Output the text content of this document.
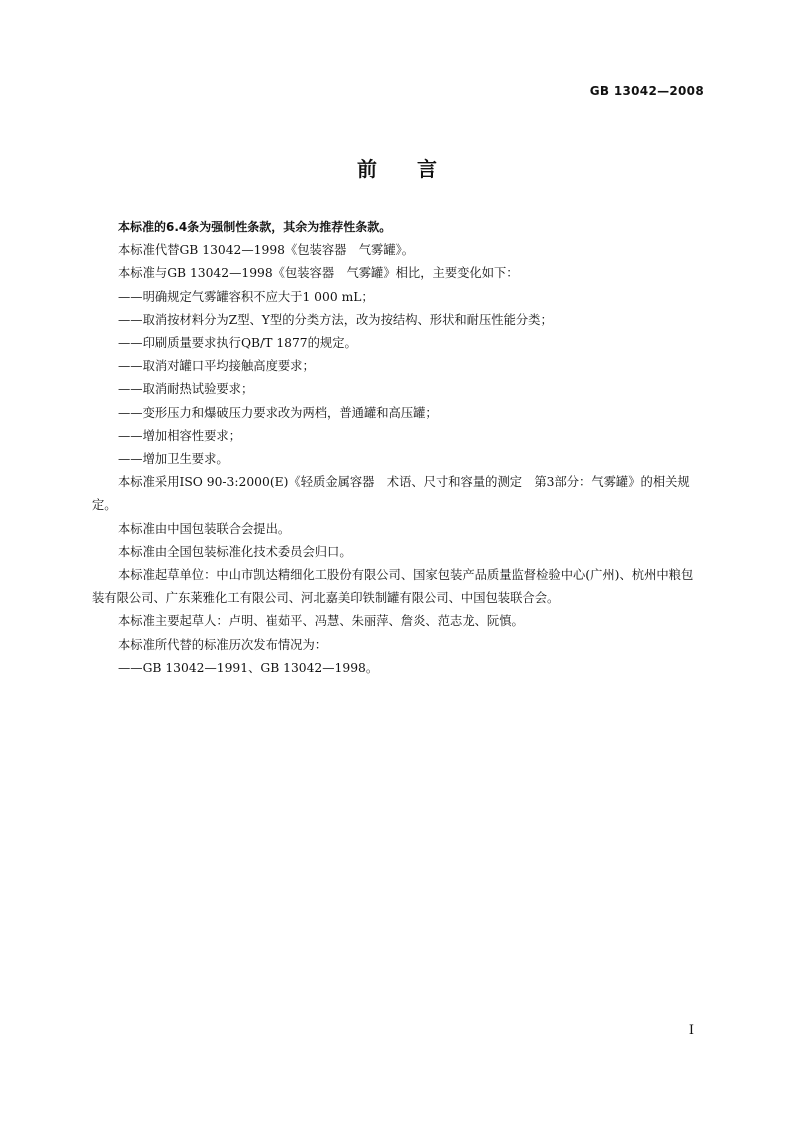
GB 13042—2008
前言

本标准的6.4条为强制性条款，其余为推荐性条款。

本标准代替GB 13042—1998《包装容器　气雾罐》。

本标准与GB 13042—1998《包装容器　气雾罐》相比，主要变化如下：

——明确规定气雾罐容积不应大于1 000 mL；

——取消按材料分为Z型、Y型的分类方法，改为按结构、形状和耐压性能分类；

——印刷质量要求执行QB/T 1877的规定。

——取消对罐口平均接触高度要求；

——取消耐热试验要求；

——变形压力和爆破压力要求改为两档，普通罐和高压罐；

——增加相容性要求；

——增加卫生要求。

本标准采用ISO 90-3:2000(E)《轻质金属容器　术语、尺寸和容量的测定　第3部分：气雾罐》的相关规定。

本标准由中国包装联合会提出。

本标准由全国包装标准化技术委员会归口。

本标准起草单位：中山市凯达精细化工股份有限公司、国家包装产品质量监督检验中心(广州)、杭州中粮包装有限公司、广东莱雅化工有限公司、河北嘉美印铁制罐有限公司、中国包装联合会。

本标准主要起草人：卢明、崔茹平、冯慧、朱丽萍、詹炎、范志龙、阮慎。

本标准所代替的标准历次发布情况为：

——GB 13042—1991、GB 13042—1998。

I
